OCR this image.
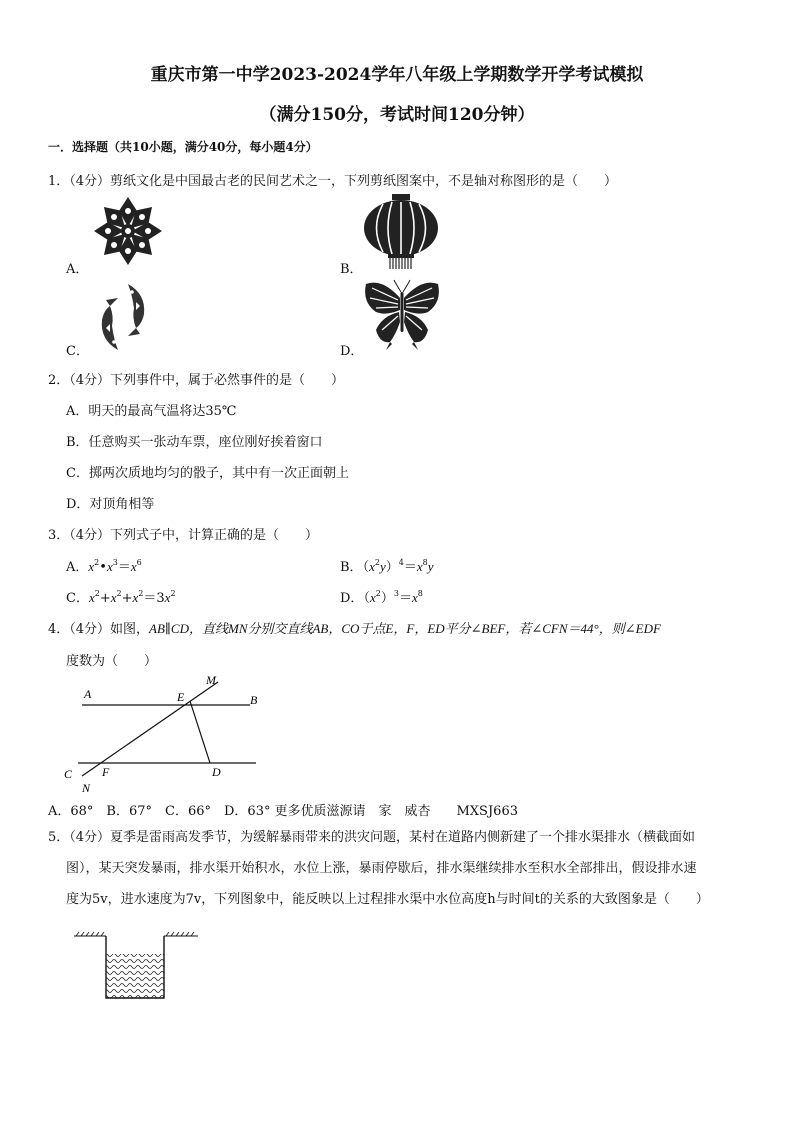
重庆市第一中学2023-2024学年八年级上学期数学开学考试模拟
（满分150分，考试时间120分钟）
一．选择题（共10小题，满分40分，每小题4分）
1．（4分）剪纸文化是中国最古老的民间艺术之一，下列剪纸图案中，不是轴对称图形的是（　　）
A．	B．
C．	D．
2．（4分）下列事件中，属于必然事件的是（　　）
A．明天的最高气温将达35℃
B．任意购买一张动车票，座位刚好挨着窗口
C．掷两次质地均匀的骰子，其中有一次正面朝上
D．对顶角相等
3．（4分）下列式子中，计算正确的是（　　）
A．$x^2•x^3=x^6$	B．$(x^2y)^4=x^8y$
C．$x^2+x^2+x^2=3x^2$	D．$(x^2)^3=x^8$
4．（4分）如图，AB∥CD，直线MN分别交直线AB，CO于点E，F，ED平分∠BEF，若∠CFN＝44°，则∠EDF
度数为（　　）
A	B
E
M
C F	D
N
A．68°　B．67°　C．66°　D．63° 更多优质滋源请　家　威杏　　MXSJ663
5．（4分）夏季是雷雨高发季节，为缓解暴雨带来的洪灾问题，某村在道路内侧新建了一个排水渠排水（横截面如
图），某天突发暴雨，排水渠开始积水，水位上涨，暴雨停歇后，排水渠继续排水至积水全部排出，假设排水速
度为5v，进水速度为7v，下列图象中，能反映以上过程排水渠中水位高度h与时间t的关系的大致图象是（　　）
